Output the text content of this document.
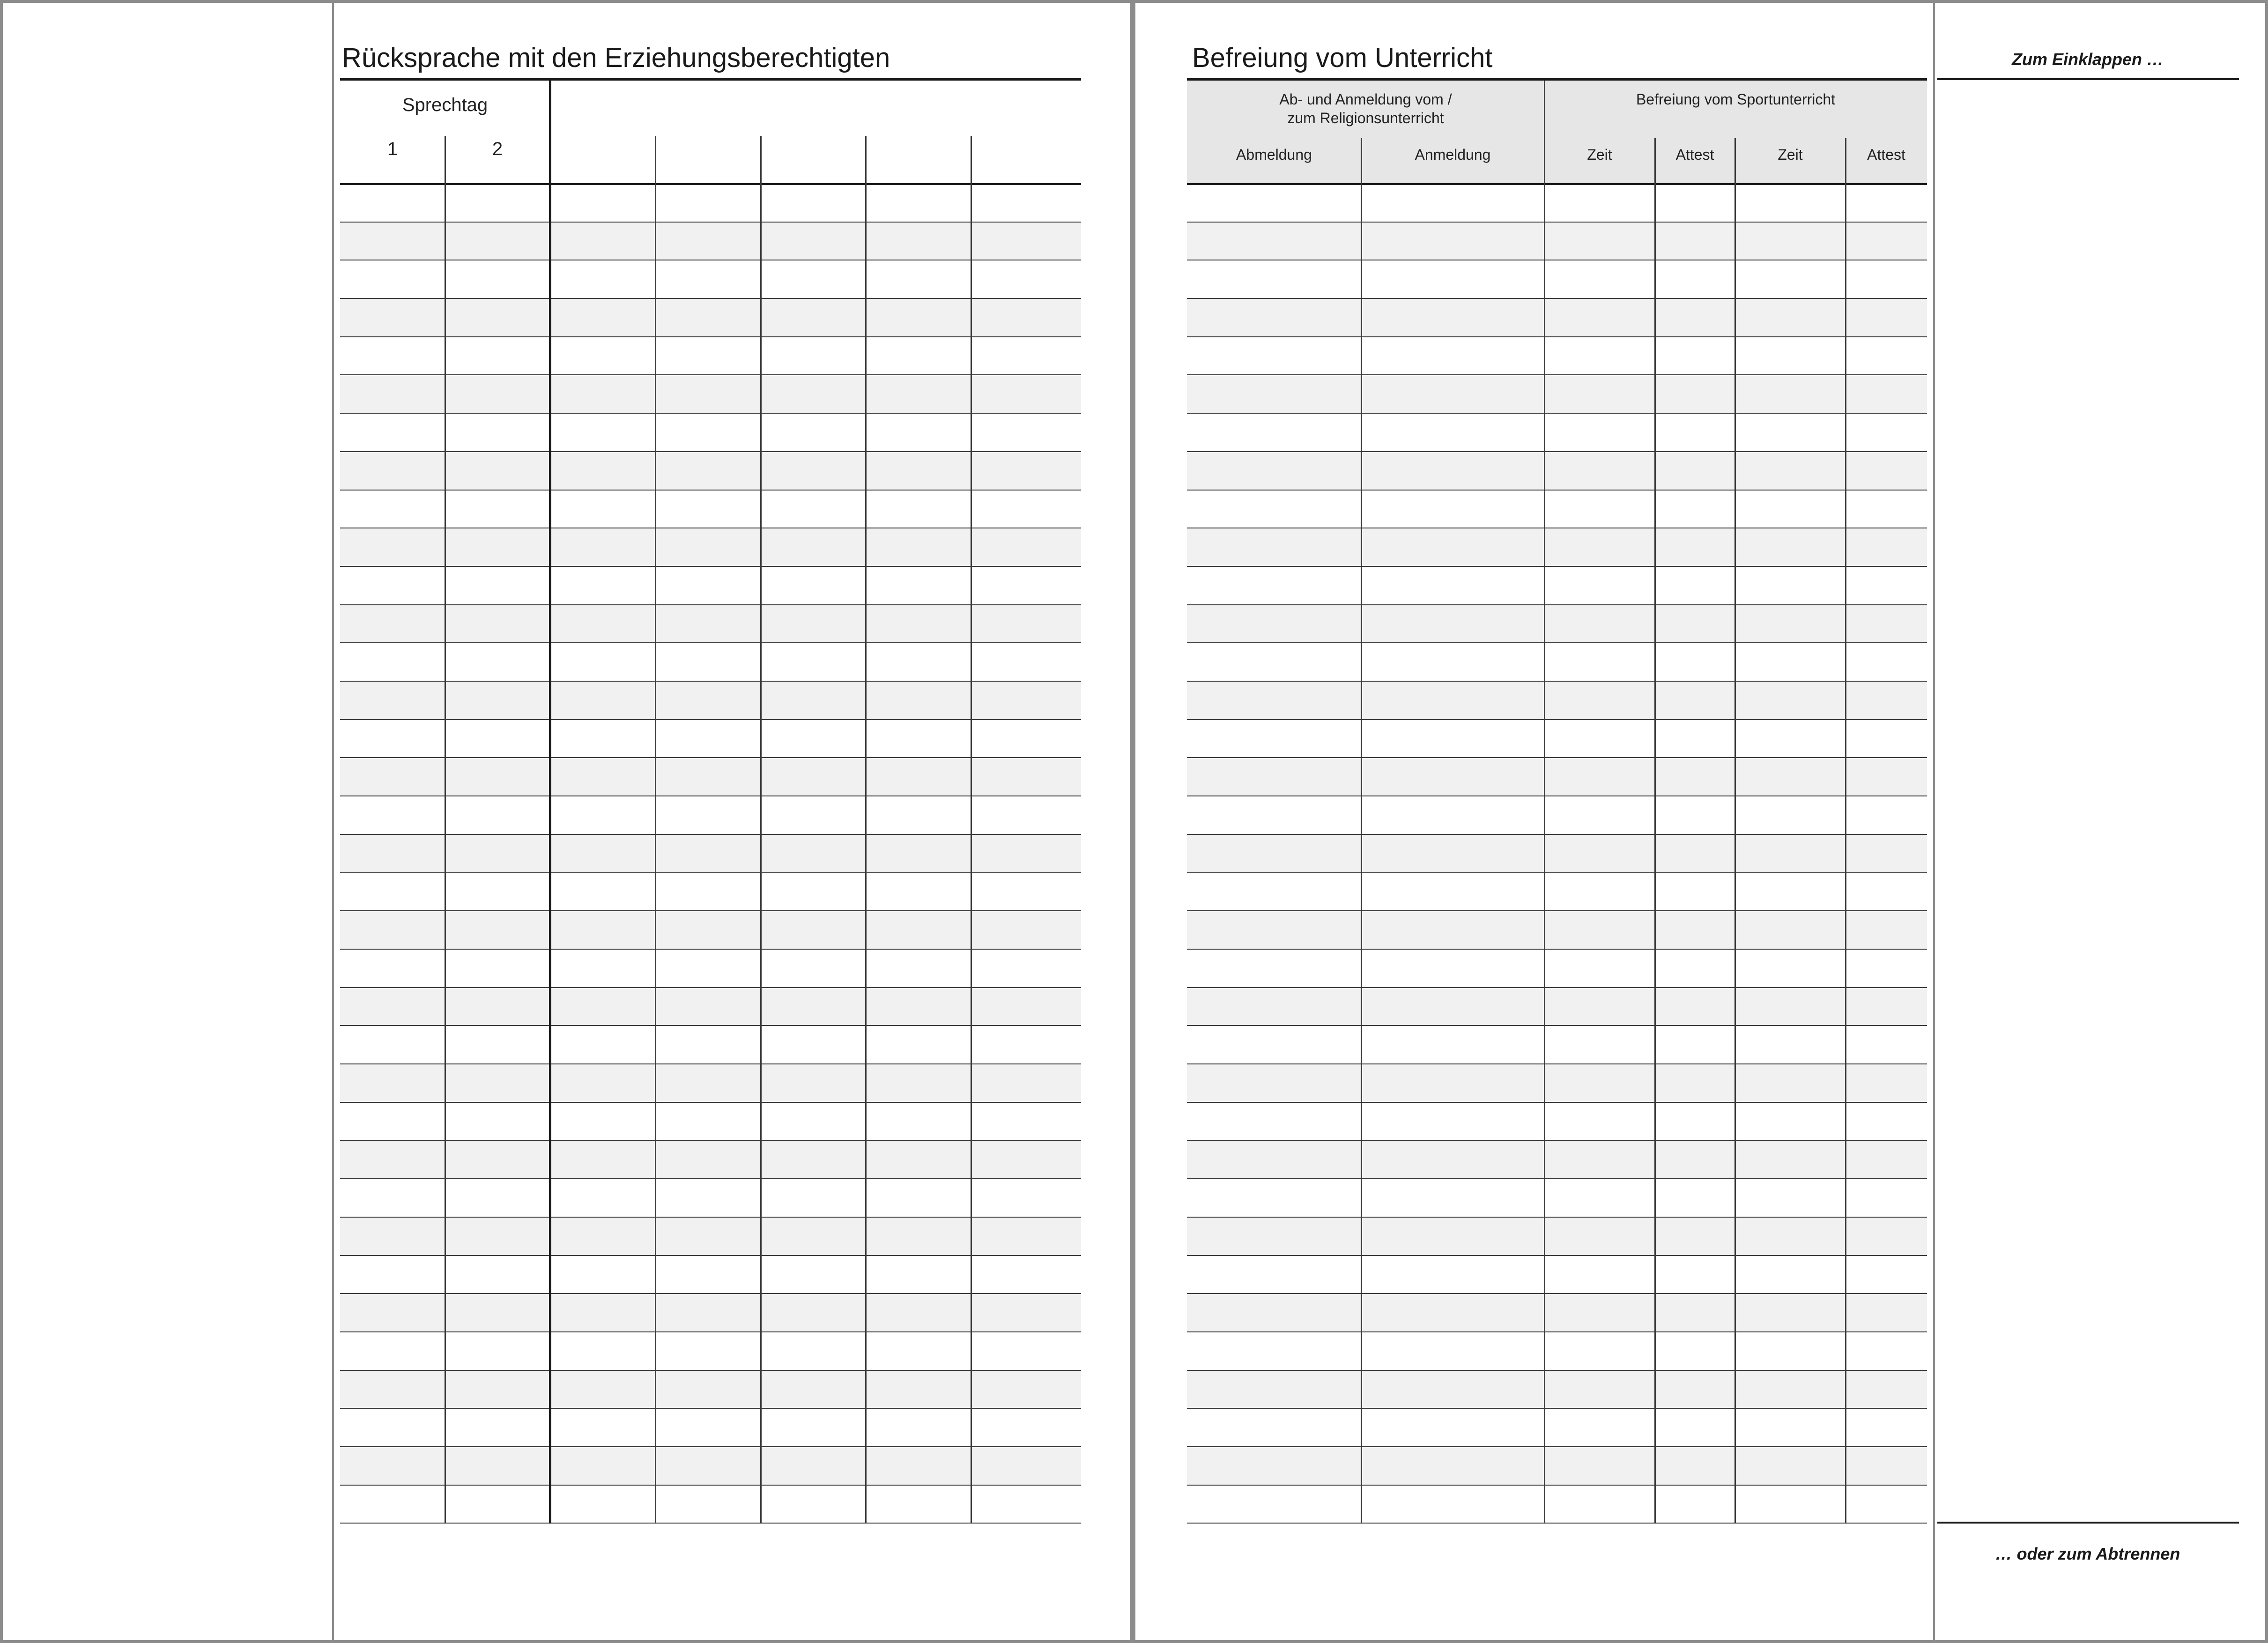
Rücksprache mit den Erziehungsberechtigten
Sprechtag
1	2
Befreiung vom Unterricht
Ab- und Anmeldung vom /
zum Religionsunterricht
Befreiung vom Sportunterricht
Abmeldung	Anmeldung	Zeit	Attest	Zeit	Attest
Zum Einklappen …
… oder zum Abtrennen
